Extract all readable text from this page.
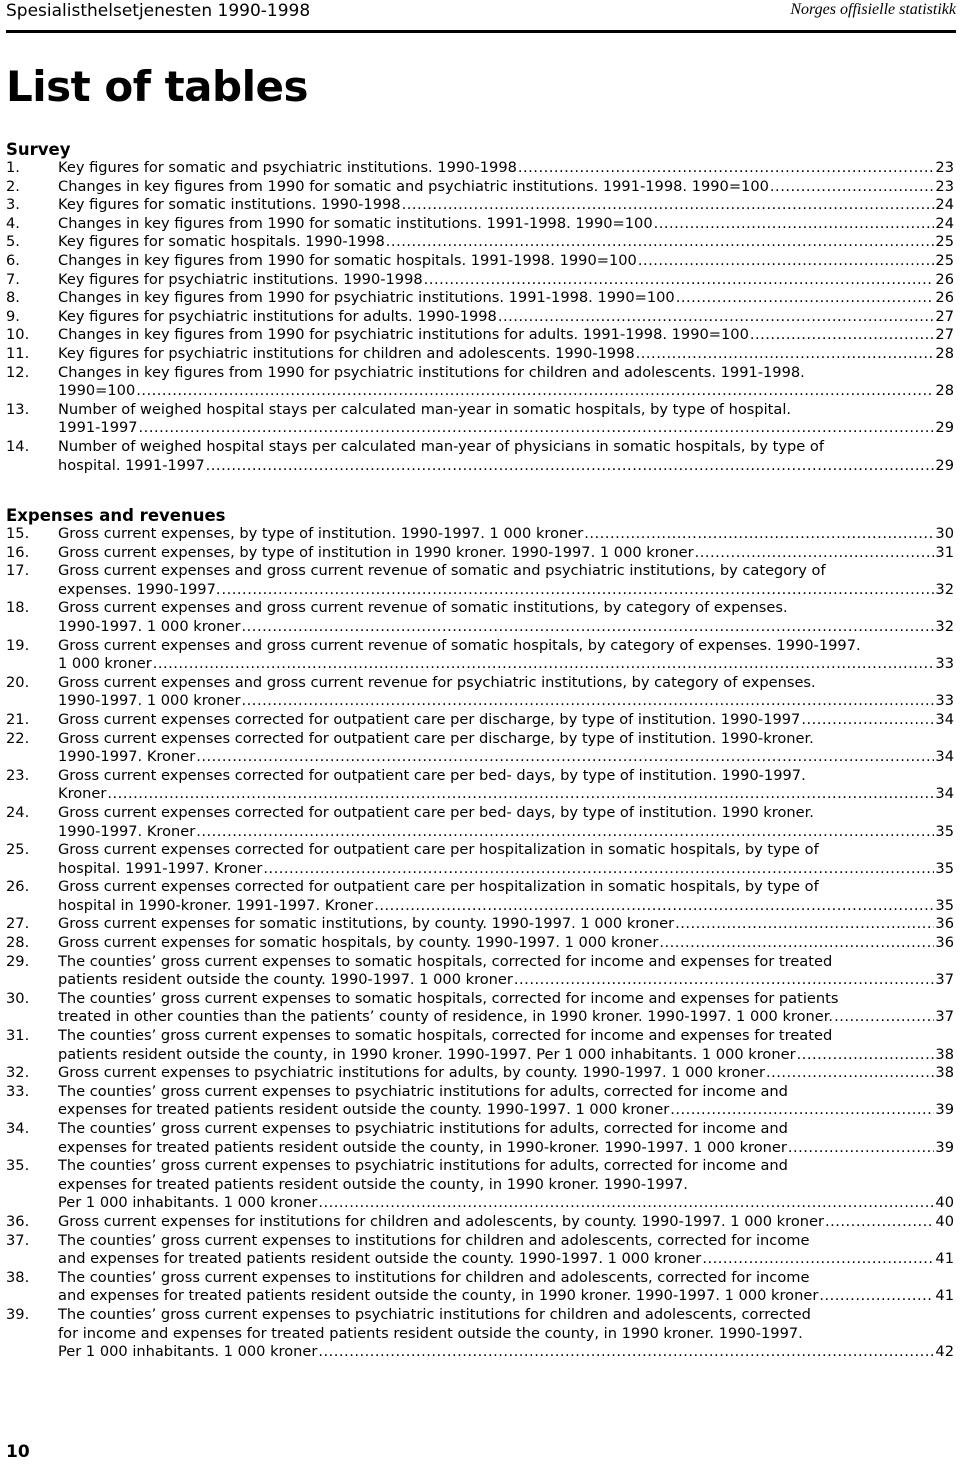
Spesialisthelsetjenesten 1990-1998	Norges offisielle statistikk
List of tables
Survey
1.	Key figures for somatic and psychiatric institutions. 1990-1998 .....	23
2.	Changes in key figures from 1990 for somatic and psychiatric institutions. 1991-1998. 1990=100 .....	23
3.	Key figures for somatic institutions. 1990-1998 .....	24
4.	Changes in key figures from 1990 for somatic institutions. 1991-1998. 1990=100 .....	24
5.	Key figures for somatic hospitals. 1990-1998 .....	25
6.	Changes in key figures from 1990 for somatic hospitals. 1991-1998. 1990=100 .....	25
7.	Key figures for psychiatric institutions. 1990-1998 .....	26
8.	Changes in key figures from 1990 for psychiatric institutions. 1991-1998. 1990=100 .....	26
9.	Key figures for psychiatric institutions for adults. 1990-1998 .....	27
10.	Changes in key figures from 1990 for psychiatric institutions for adults. 1991-1998. 1990=100 .....	27
11.	Key figures for psychiatric institutions for children and adolescents. 1990-1998 .....	28
12.	Changes in key figures from 1990 for psychiatric institutions for children and adolescents. 1991-1998.
1990=100 .....	28
13.	Number of weighed hospital stays per calculated man-year in somatic hospitals, by type of hospital.
1991-1997 .....	29
14.	Number of weighed hospital stays per calculated man-year of physicians in somatic hospitals, by type of
hospital. 1991-1997 .....	29
Expenses and revenues
15.	Gross current expenses, by type of institution. 1990-1997. 1 000 kroner .....	30
16.	Gross current expenses, by type of institution in 1990 kroner. 1990-1997. 1 000 kroner .....	31
17.	Gross current expenses and gross current revenue of somatic and psychiatric institutions, by category of
expenses. 1990-1997. .....	32
18.	Gross current expenses and gross current revenue of somatic institutions, by category of expenses.
1990-1997. 1 000 kroner .....	32
19.	Gross current expenses and gross current revenue of somatic hospitals, by category of expenses. 1990-1997.
1 000 kroner .....	33
20.	Gross current expenses and gross current revenue for psychiatric institutions, by category of expenses.
1990-1997. 1 000 kroner .....	33
21.	Gross current expenses corrected for outpatient care per discharge, by type of institution. 1990-1997 .....	34
22.	Gross current expenses corrected for outpatient care per discharge, by type of institution. 1990-kroner.
1990-1997. Kroner .....	34
23.	Gross current expenses corrected for outpatient care per bed- days, by type of institution. 1990-1997.
Kroner .....	34
24.	Gross current expenses corrected for outpatient care per bed- days, by type of institution. 1990 kroner.
1990-1997. Kroner .....	35
25.	Gross current expenses corrected for outpatient care per hospitalization in somatic hospitals, by type of
hospital. 1991-1997. Kroner .....	35
26.	Gross current expenses corrected for outpatient care per hospitalization in somatic hospitals, by type of
hospital in 1990-kroner. 1991-1997. Kroner .....	35
27.	Gross current expenses for somatic institutions, by county. 1990-1997. 1 000 kroner .....	36
28.	Gross current expenses for somatic hospitals, by county. 1990-1997. 1 000 kroner .....	36
29.	The counties’ gross current expenses to somatic hospitals, corrected for income and expenses for treated
patients resident outside the county. 1990-1997. 1 000 kroner .....	37
30.	The counties’ gross current expenses to somatic hospitals, corrected for income and expenses for patients
treated in other counties than the patients’ county of residence, in 1990 kroner. 1990-1997. 1 000 kroner. .....	37
31.	The counties’ gross current expenses to somatic hospitals, corrected for income and expenses for treated
patients resident outside the county, in 1990 kroner. 1990-1997. Per 1 000 inhabitants. 1 000 kroner .....	38
32.	Gross current expenses to psychiatric institutions for adults, by county. 1990-1997. 1 000 kroner .....	38
33.	The counties’ gross current expenses to psychiatric institutions for adults, corrected for income and
expenses for treated patients resident outside the county. 1990-1997. 1 000 kroner .....	39
34.	The counties’ gross current expenses to psychiatric institutions for adults, corrected for income and
expenses for treated patients resident outside the county, in 1990-kroner. 1990-1997. 1 000 kroner .....	39
35.	The counties’ gross current expenses to psychiatric institutions for adults, corrected for income and
expenses for treated patients resident outside the county, in 1990 kroner. 1990-1997.
Per 1 000 inhabitants. 1 000 kroner .....	40
36.	Gross current expenses for institutions for children and adolescents, by county. 1990-1997. 1 000 kroner .....	40
37.	The counties’ gross current expenses to institutions for children and adolescents, corrected for income
and expenses for treated patients resident outside the county. 1990-1997. 1 000 kroner .....	41
38.	The counties’ gross current expenses to institutions for children and adolescents, corrected for income
and expenses for treated patients resident outside the county, in 1990 kroner. 1990-1997. 1 000 kroner .....	41
39.	The counties’ gross current expenses to psychiatric institutions for children and adolescents, corrected
for income and expenses for treated patients resident outside the county, in 1990 kroner. 1990-1997.
Per 1 000 inhabitants. 1 000 kroner .....	42
10
